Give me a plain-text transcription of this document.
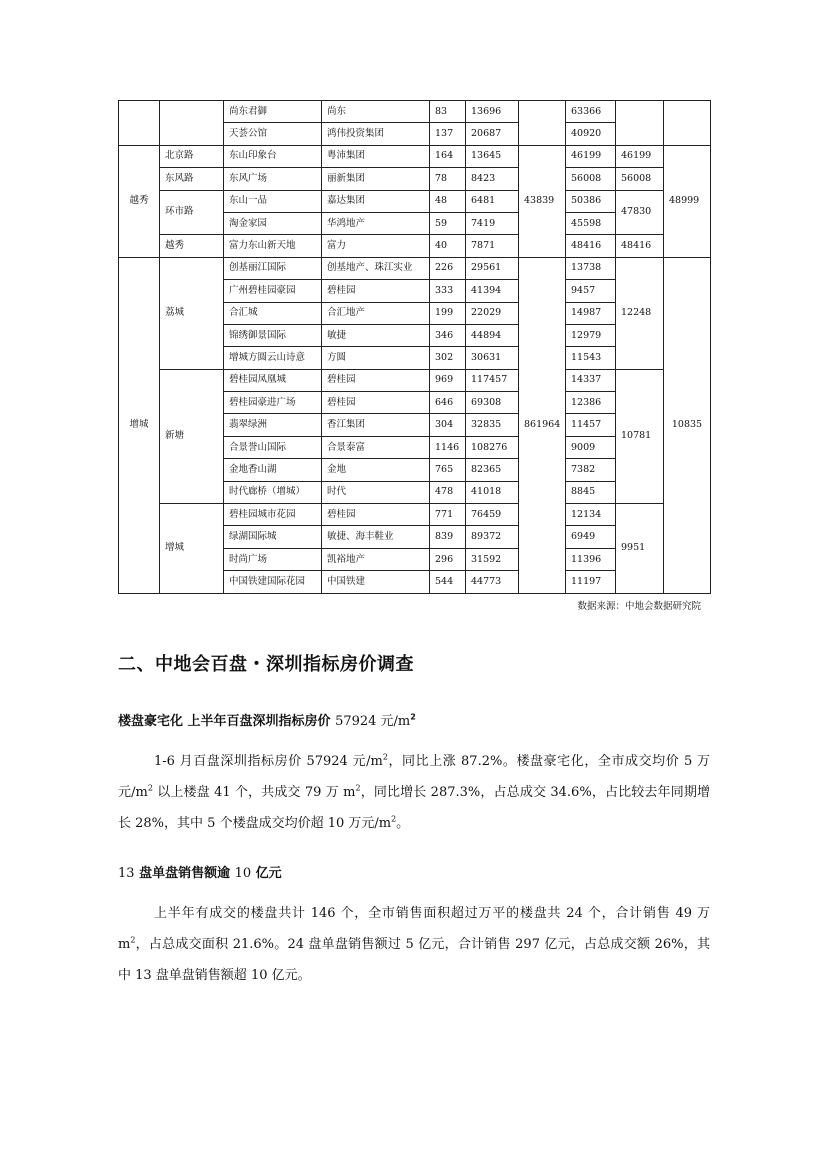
		尚东君御	尚东	83	13696		63366		
		天荟公馆	鸿伟投资集团	137	20687		40920		
越秀	北京路	东山印象台	粤沛集团	164	13645	43839	46199	46199	48999
	东风路	东风广场	丽新集团	78	8423		56008	56008	
	环市路	东山一品	嘉达集团	48	6481		50386	47830	
		淘金家园	华鸿地产	59	7419		45598		
	越秀	富力东山新天地	富力	40	7871		48416	48416	
增城	荔城	创基丽江国际	创基地产、珠江实业	226	29561	861964	13738	12248	10835
		广州碧桂园豪园	碧桂园	333	41394		9457		
		合汇城	合汇地产	199	22029		14987		
		锦绣御景国际	敏捷	346	44894		12979		
		增城方圆云山诗意	方圆	302	30631		11543		
	新塘	碧桂园凤凰城	碧桂园	969	117457		14337	10781	
		碧桂园豪进广场	碧桂园	646	69308		12386		
		翡翠绿洲	香江集团	304	32835		11457		
		合景誉山国际	合景泰富	1146	108276		9009		
		金地香山湖	金地	765	82365		7382		
		时代廊桥（增城）	时代	478	41018		8845		
	增城	碧桂园城市花园	碧桂园	771	76459		12134	9951	
		绿湖国际城	敏捷、海丰鞋业	839	89372		6949		
		时尚广场	凯裕地产	296	31592		11396		
		中国铁建国际花园	中国铁建	544	44773		11197		
数据来源：中地会数据研究院
二、中地会百盘・深圳指标房价调查
楼盘豪宅化 上半年百盘深圳指标房价 57924 元$/m^2$

1-6 月百盘深圳指标房价 57924 元$/m^2$，同比上涨 87.2%。楼盘豪宅化，全市成交均价 5 万元$/m^2$ 以上楼盘 41 个，共成交 79 万 $m^2$，同比增长 287.3%，占总成交 34.6%，占比较去年同期增长 28%，其中 5 个楼盘成交均价超 10 万元$/m^2$。

13 盘单盘销售额逾 10 亿元

上半年有成交的楼盘共计 146 个，全市销售面积超过万平的楼盘共 24 个，合计销售 49 万 $m^2$，占总成交面积 21.6%。24 盘单盘销售额过 5 亿元，合计销售 297 亿元，占总成交额 26%，其中 13 盘单盘销售额超 10 亿元。
